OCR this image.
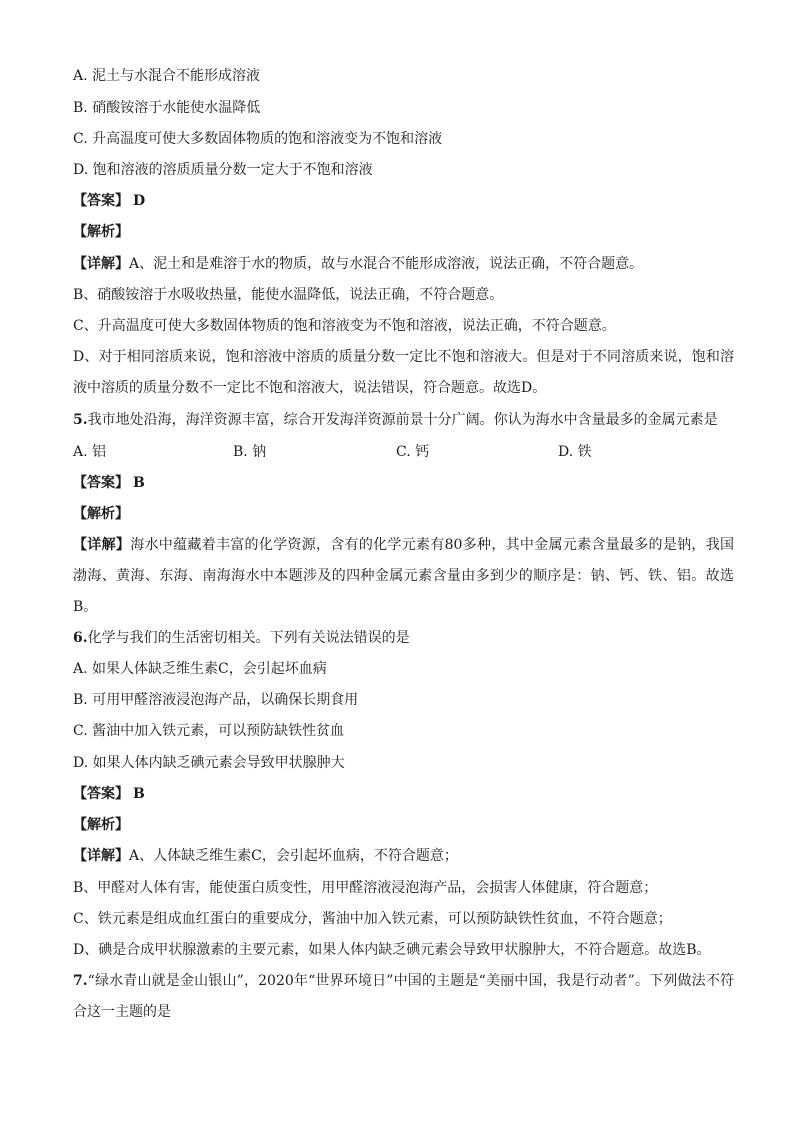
A. 泥土与水混合不能形成溶液
B. 硝酸铵溶于水能使水温降低
C. 升高温度可使大多数固体物质的饱和溶液变为不饱和溶液
D. 饱和溶液的溶质质量分数一定大于不饱和溶液
【答案】 D
【解析】
【详解】A、泥土和是难溶于水的物质，故与水混合不能形成溶液，说法正确，不符合题意。
B、硝酸铵溶于水吸收热量，能使水温降低，说法正确，不符合题意。
C、升高温度可使大多数固体物质的饱和溶液变为不饱和溶液，说法正确，不符合题意。
D、对于相同溶质来说，饱和溶液中溶质的质量分数一定比不饱和溶液大。但是对于不同溶质来说，饱和溶液中溶质的质量分数不一定比不饱和溶液大，说法错误，符合题意。故选D。
5.我市地处沿海，海洋资源丰富，综合开发海洋资源前景十分广阔。你认为海水中含量最多的金属元素是
A. 铝	B. 钠	C. 钙	D. 铁
【答案】 B
【解析】
【详解】海水中蕴藏着丰富的化学资源，含有的化学元素有80多种，其中金属元素含量最多的是钠，我国渤海、黄海、东海、南海海水中本题涉及的四种金属元素含量由多到少的顺序是：钠、钙、铁、铝。故选B。
6.化学与我们的生活密切相关。下列有关说法错误的是
A. 如果人体缺乏维生素C，会引起坏血病
B. 可用甲醛溶液浸泡海产品，以确保长期食用
C. 酱油中加入铁元素，可以预防缺铁性贫血
D. 如果人体内缺乏碘元素会导致甲状腺肿大
【答案】 B
【解析】
【详解】A、人体缺乏维生素C，会引起坏血病，不符合题意；
B、甲醛对人体有害，能使蛋白质变性，用甲醛溶液浸泡海产品，会损害人体健康，符合题意；
C、铁元素是组成血红蛋白的重要成分，酱油中加入铁元素，可以预防缺铁性贫血，不符合题意；
D、碘是合成甲状腺激素的主要元素，如果人体内缺乏碘元素会导致甲状腺肿大，不符合题意。故选B。
7.“绿水青山就是金山银山”，2020年“世界环境日”中国的主题是“美丽中国，我是行动者”。下列做法不符合这一主题的是
